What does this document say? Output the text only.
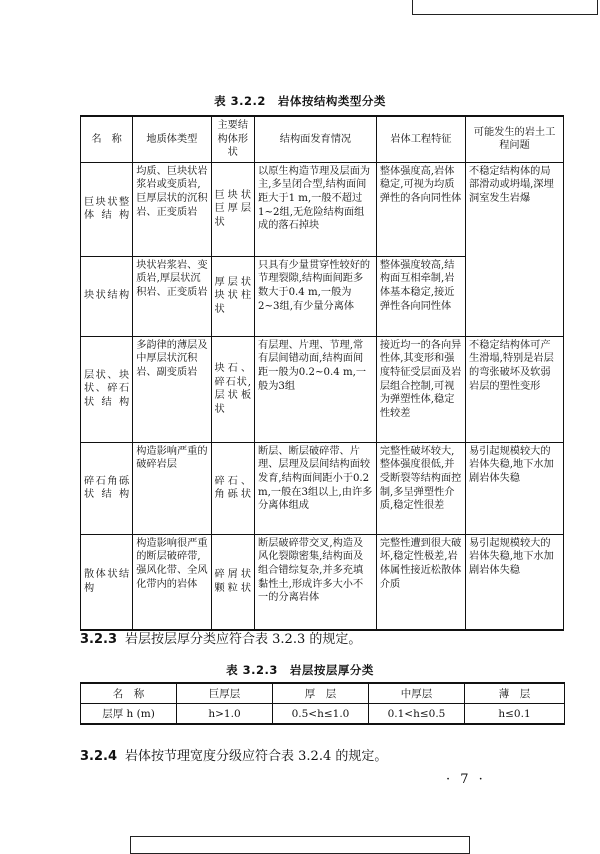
表 3.2.2　岩体按结构类型分类
名　称	地质体类型	主要结构体形状	结构面发育情况	岩体工程特征	可能发生的岩土工程问题
巨块状整体结构	均质、巨块状岩浆岩或变质岩,巨厚层状的沉积岩、正变质岩	巨块状巨厚层状	以原生构造节理及层面为主,多呈闭合型,结构面间距大于1 m,一般不超过1~2组,无危险结构面组成的落石掉块	整体强度高,岩体稳定,可视为均质弹性的各向同性体	不稳定结构体的局部滑动或坍塌,深埋洞室发生岩爆
块状结构	块状岩浆岩、变质岩,厚层状沉积岩、正变质岩	厚层状块状柱状	只具有少量贯穿性较好的节理裂隙,结构面间距多数大于0.4 m,一般为2~3组,有少量分离体	整体强度较高,结构面互相牵制,岩体基本稳定,接近弹性各向同性体	
层状、块状、碎石状结构	多韵律的薄层及中厚层状沉积岩、副变质岩	块石、碎石状,层状板状	有层理、片理、节理,常有层间错动面,结构面间距一般为0.2~0.4 m,一般为3组	接近均一的各向异性体,其变形和强度特征受层面及岩层组合控制,可视为弹塑性体,稳定性较差	不稳定结构体可产生滑塌,特别是岩层的弯张破坏及软弱岩层的塑性变形
碎石角砾状结构	构造影响严重的破碎岩层	碎石、角砾状	断层、断层破碎带、片理、层理及层间结构面较发育,结构面间距小于0.2 m,一般在3组以上,由许多分离体组成	完整性破坏较大,整体强度很低,并受断裂等结构面控制,多呈弹塑性介质,稳定性很差	易引起规模较大的岩体失稳,地下水加剧岩体失稳
散体状结构	构造影响很严重的断层破碎带,强风化带、全风化带内的岩体	碎屑状颗粒状	断层破碎带交叉,构造及风化裂隙密集,结构面及组合错综复杂,并多充填黏性土,形成许多大小不一的分离岩体	完整性遭到很大破坏,稳定性极差,岩体属性接近松散体介质	易引起规模较大的岩体失稳,地下水加剧岩体失稳
3.2.3 岩层按层厚分类应符合表 3.2.3 的规定。
表 3.2.3　岩层按层厚分类
名　称	巨厚层	厚　层	中厚层	薄　层
层厚 h (m)	h>1.0	0.5<h≤1.0	0.1<h≤0.5	h≤0.1
3.2.4 岩体按节理宽度分级应符合表 3.2.4 的规定。
· 7 ·
